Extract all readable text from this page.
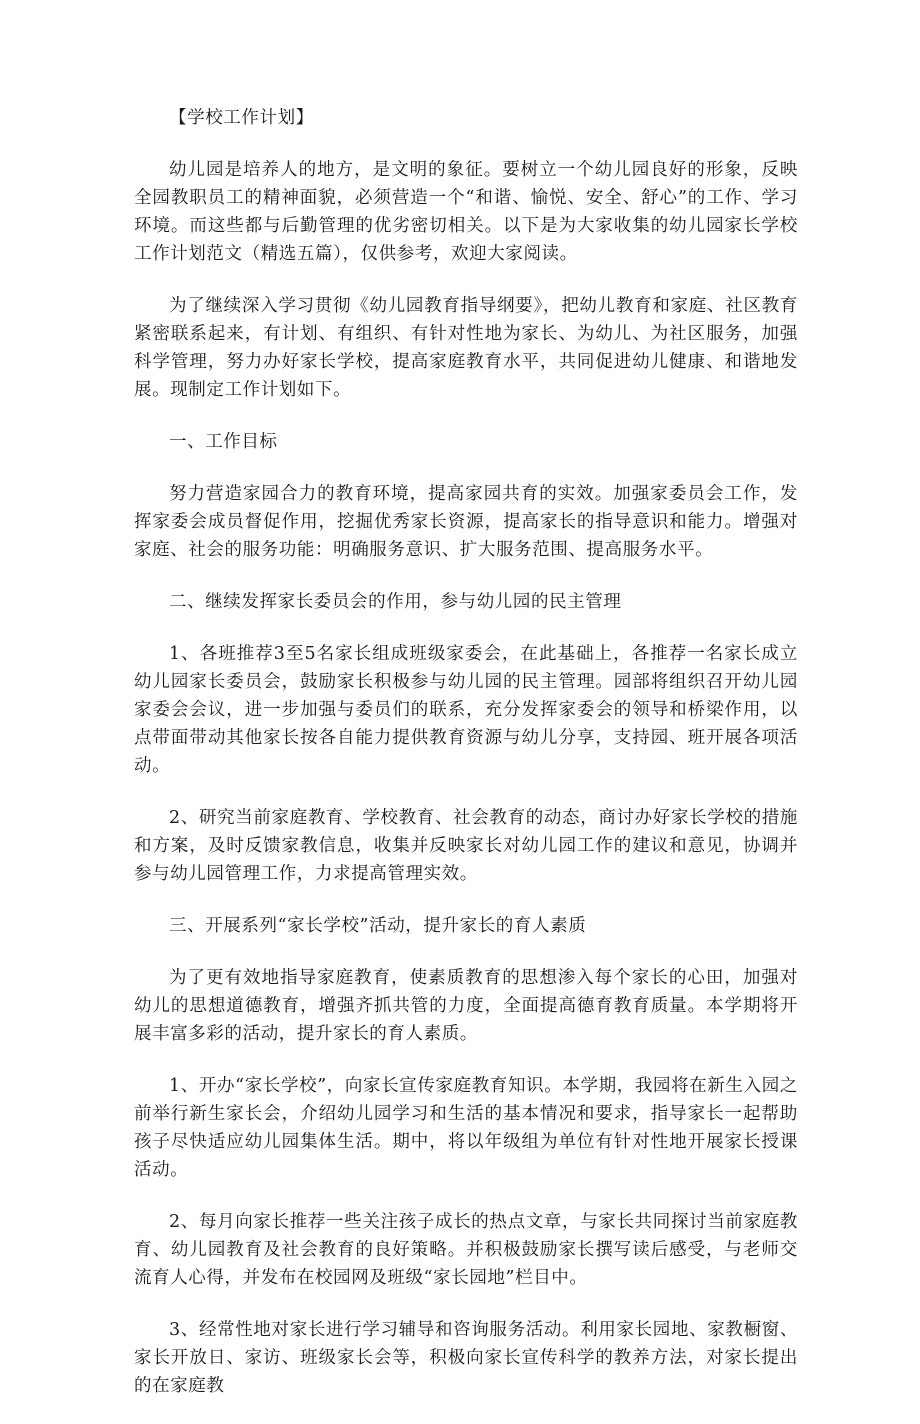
【学校工作计划】

幼儿园是培养人的地方，是文明的象征。要树立一个幼儿园良好的形象，反映全园教职员工的精神面貌，必须营造一个“和谐、愉悦、安全、舒心”的工作、学习环境。而这些都与后勤管理的优劣密切相关。以下是为大家收集的幼儿园家长学校工作计划范文（精选五篇），仅供参考，欢迎大家阅读。

为了继续深入学习贯彻《幼儿园教育指导纲要》，把幼儿教育和家庭、社区教育紧密联系起来，有计划、有组织、有针对性地为家长、为幼儿、为社区服务，加强科学管理，努力办好家长学校，提高家庭教育水平，共同促进幼儿健康、和谐地发展。现制定工作计划如下。

一、工作目标

努力营造家园合力的教育环境，提高家园共育的实效。加强家委员会工作，发挥家委会成员督促作用，挖掘优秀家长资源，提高家长的指导意识和能力。增强对家庭、社会的服务功能：明确服务意识、扩大服务范围、提高服务水平。

二、继续发挥家长委员会的作用，参与幼儿园的民主管理

1、各班推荐3至5名家长组成班级家委会，在此基础上，各推荐一名家长成立幼儿园家长委员会，鼓励家长积极参与幼儿园的民主管理。园部将组织召开幼儿园家委会会议，进一步加强与委员们的联系，充分发挥家委会的领导和桥梁作用，以点带面带动其他家长按各自能力提供教育资源与幼儿分享，支持园、班开展各项活动。

2、研究当前家庭教育、学校教育、社会教育的动态，商讨办好家长学校的措施和方案，及时反馈家教信息，收集并反映家长对幼儿园工作的建议和意见，协调并参与幼儿园管理工作，力求提高管理实效。

三、开展系列“家长学校”活动，提升家长的育人素质

为了更有效地指导家庭教育，使素质教育的思想渗入每个家长的心田，加强对幼儿的思想道德教育，增强齐抓共管的力度，全面提高德育教育质量。本学期将开展丰富多彩的活动，提升家长的育人素质。

1、开办“家长学校”，向家长宣传家庭教育知识。本学期，我园将在新生入园之前举行新生家长会，介绍幼儿园学习和生活的基本情况和要求，指导家长一起帮助孩子尽快适应幼儿园集体生活。期中，将以年级组为单位有针对性地开展家长授课活动。

2、每月向家长推荐一些关注孩子成长的热点文章，与家长共同探讨当前家庭教育、幼儿园教育及社会教育的良好策略。并积极鼓励家长撰写读后感受，与老师交流育人心得，并发布在校园网及班级“家长园地”栏目中。

3、经常性地对家长进行学习辅导和咨询服务活动。利用家长园地、家教橱窗、家长开放日、家访、班级家长会等，积极向家长宣传科学的教养方法，对家长提出的在家庭教
